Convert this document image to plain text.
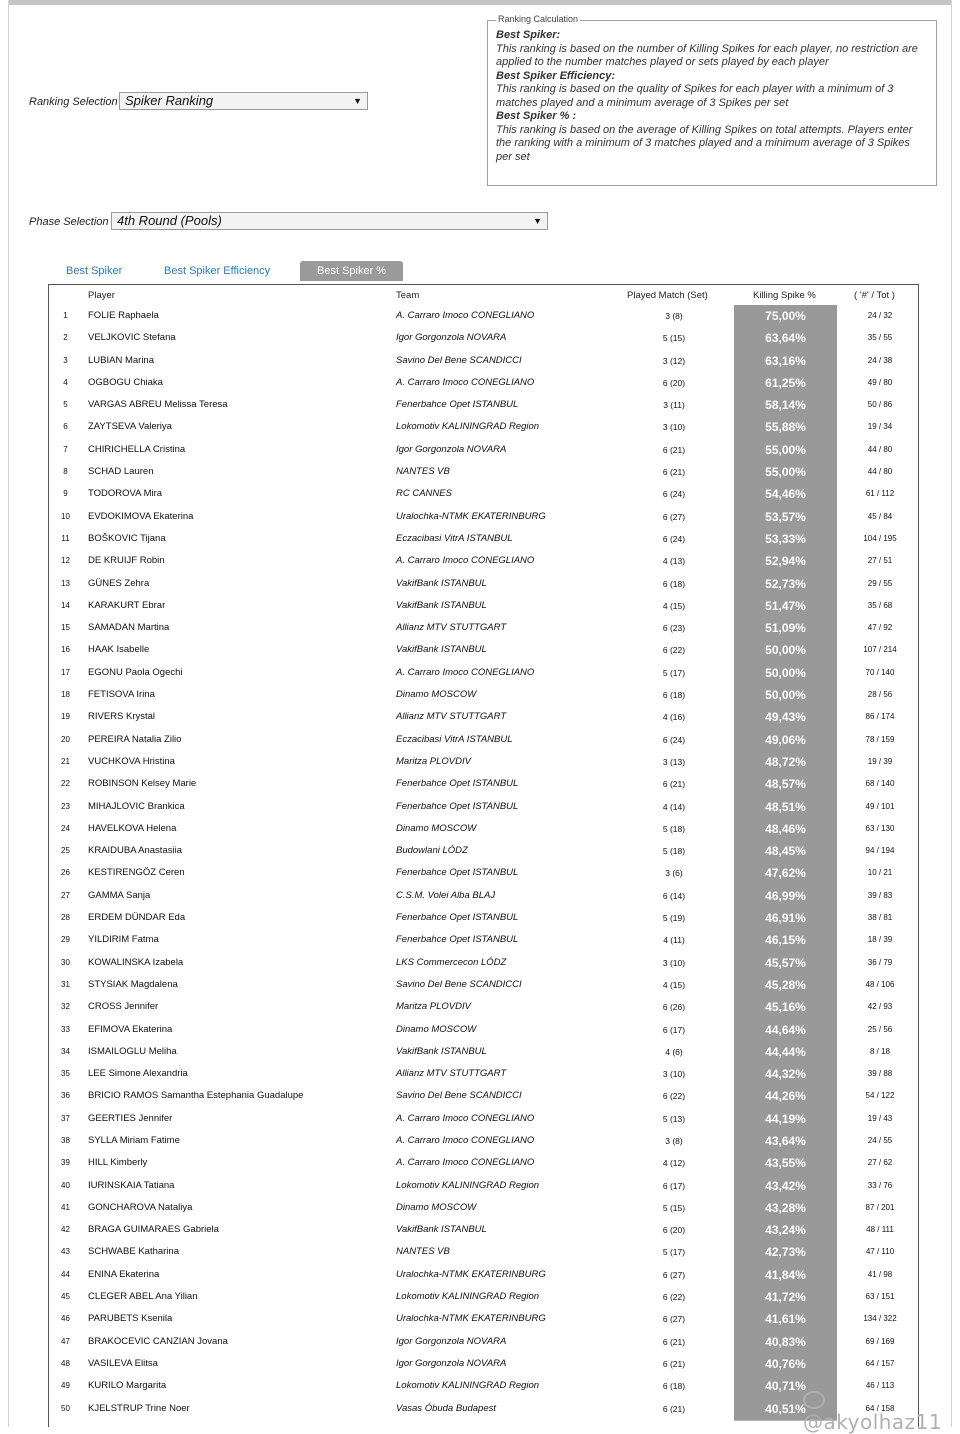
Ranking Selection Spiker Ranking	▼
Ranking Calculation
Best Spiker:

This ranking is based on the number of Killing Spikes for each player, no restriction are applied to the number matches played or sets played by each player

Best Spiker Efficiency:

This ranking is based on the quality of Spikes for each player with a minimum of 3 matches played and a minimum average of 3 Spikes per set

Best Spiker % :

This ranking is based on the average of Killing Spikes on total attempts. Players enter the ranking with a minimum of 3 matches played and a minimum average of 3 Spikes per set

Phase Selection 4th Round (Pools)	▼
Best Spiker	Best Spiker Efficiency	Best Spiker %
Player	Team	Played Match (Set)	Killing Spike %	( '#' / Tot )
1	FOLIE Raphaela	A. Carraro Imoco CONEGLIANO	3 (8)	75,00%	24 / 32
2	VELJKOVIC Stefana	Igor Gorgonzola NOVARA	5 (15)	63,64%	35 / 55
3	LUBIAN Marina	Savino Del Bene SCANDICCI	3 (12)	63,16%	24 / 38
4	OGBOGU Chiaka	A. Carraro Imoco CONEGLIANO	6 (20)	61,25%	49 / 80
5	VARGAS ABREU Melissa Teresa	Fenerbahce Opet ISTANBUL	3 (11)	58,14%	50 / 86
6	ZAYTSEVA Valeriya	Lokomotiv KALININGRAD Region	3 (10)	55,88%	19 / 34
7	CHIRICHELLA Cristina	Igor Gorgonzola NOVARA	6 (21)	55,00%	44 / 80
8	SCHAD Lauren	NANTES VB	6 (21)	55,00%	44 / 80
9	TODOROVA Mira	RC CANNES	6 (24)	54,46%	61 / 112
10	EVDOKIMOVA Ekaterina	Uralochka-NTMK EKATERINBURG	6 (27)	53,57%	45 / 84
11	BOŠKOVIC Tijana	Eczacibasi VitrA ISTANBUL	6 (24)	53,33%	104 / 195
12	DE KRUIJF Robin	A. Carraro Imoco CONEGLIANO	4 (13)	52,94%	27 / 51
13	GÜNES Zehra	VakifBank ISTANBUL	6 (18)	52,73%	29 / 55
14	KARAKURT Ebrar	VakifBank ISTANBUL	4 (15)	51,47%	35 / 68
15	SAMADAN Martina	Allianz MTV STUTTGART	6 (23)	51,09%	47 / 92
16	HAAK Isabelle	VakifBank ISTANBUL	6 (22)	50,00%	107 / 214
17	EGONU Paola Ogechi	A. Carraro Imoco CONEGLIANO	5 (17)	50,00%	70 / 140
18	FETISOVA Irina	Dinamo MOSCOW	6 (18)	50,00%	28 / 56
19	RIVERS Krystal	Allianz MTV STUTTGART	4 (16)	49,43%	86 / 174
20	PEREIRA Natalia Zilio	Eczacibasi VitrA ISTANBUL	6 (24)	49,06%	78 / 159
21	VUCHKOVA Hristina	Maritza PLOVDIV	3 (13)	48,72%	19 / 39
22	ROBINSON Kelsey Marie	Fenerbahce Opet ISTANBUL	6 (21)	48,57%	68 / 140
23	MIHAJLOVIC Brankica	Fenerbahce Opet ISTANBUL	4 (14)	48,51%	49 / 101
24	HAVELKOVA Helena	Dinamo MOSCOW	5 (18)	48,46%	63 / 130
25	KRAIDUBA Anastasiia	Budowlani LÓDZ	5 (18)	48,45%	94 / 194
26	KESTIRENGÖZ Ceren	Fenerbahce Opet ISTANBUL	3 (6)	47,62%	10 / 21
27	GAMMA Sanja	C.S.M. Volei Alba BLAJ	6 (14)	46,99%	39 / 83
28	ERDEM DÜNDAR Eda	Fenerbahce Opet ISTANBUL	5 (19)	46,91%	38 / 81
29	YILDIRIM Fatma	Fenerbahce Opet ISTANBUL	4 (11)	46,15%	18 / 39
30	KOWALINSKA Izabela	LKS Commercecon LÓDZ	3 (10)	45,57%	36 / 79
31	STYSIAK Magdalena	Savino Del Bene SCANDICCI	4 (15)	45,28%	48 / 106
32	CROSS Jennifer	Maritza PLOVDIV	6 (26)	45,16%	42 / 93
33	EFIMOVA Ekaterina	Dinamo MOSCOW	6 (17)	44,64%	25 / 56
34	ISMAILOGLU Meliha	VakifBank ISTANBUL	4 (6)	44,44%	8 / 18
35	LEE Simone Alexandria	Allianz MTV STUTTGART	3 (10)	44,32%	39 / 88
36	BRICIO RAMOS Samantha Estephania Guadalupe	Savino Del Bene SCANDICCI	6 (22)	44,26%	54 / 122
37	GEERTIES Jennifer	A. Carraro Imoco CONEGLIANO	5 (13)	44,19%	19 / 43
38	SYLLA Miriam Fatime	A. Carraro Imoco CONEGLIANO	3 (8)	43,64%	24 / 55
39	HILL Kimberly	A. Carraro Imoco CONEGLIANO	4 (12)	43,55%	27 / 62
40	IURINSKAIA Tatiana	Lokomotiv KALININGRAD Region	6 (17)	43,42%	33 / 76
41	GONCHAROVA Nataliya	Dinamo MOSCOW	5 (15)	43,28%	87 / 201
42	BRAGA GUIMARAES Gabriela	VakifBank ISTANBUL	6 (20)	43,24%	48 / 111
43	SCHWABE Katharina	NANTES VB	5 (17)	42,73%	47 / 110
44	ENINA Ekaterina	Uralochka-NTMK EKATERINBURG	6 (27)	41,84%	41 / 98
45	CLEGER ABEL Ana Yilian	Lokomotiv KALININGRAD Region	6 (22)	41,72%	63 / 151
46	PARUBETS Ksenila	Uralochka-NTMK EKATERINBURG	6 (27)	41,61%	134 / 322
47	BRAKOCEVIC CANZIAN Jovana	Igor Gorgonzola NOVARA	6 (21)	40,83%	69 / 169
48	VASILEVA Elitsa	Igor Gorgonzola NOVARA	6 (21)	40,76%	64 / 157
49	KURILO Margarita	Lokomotiv KALININGRAD Region	6 (18)	40,71%	46 / 113
50	KJELSTRUP Trine Noer	Vasas Óbuda Budapest	6 (21)	40,51%	64 / 158
@akyolhaz11
